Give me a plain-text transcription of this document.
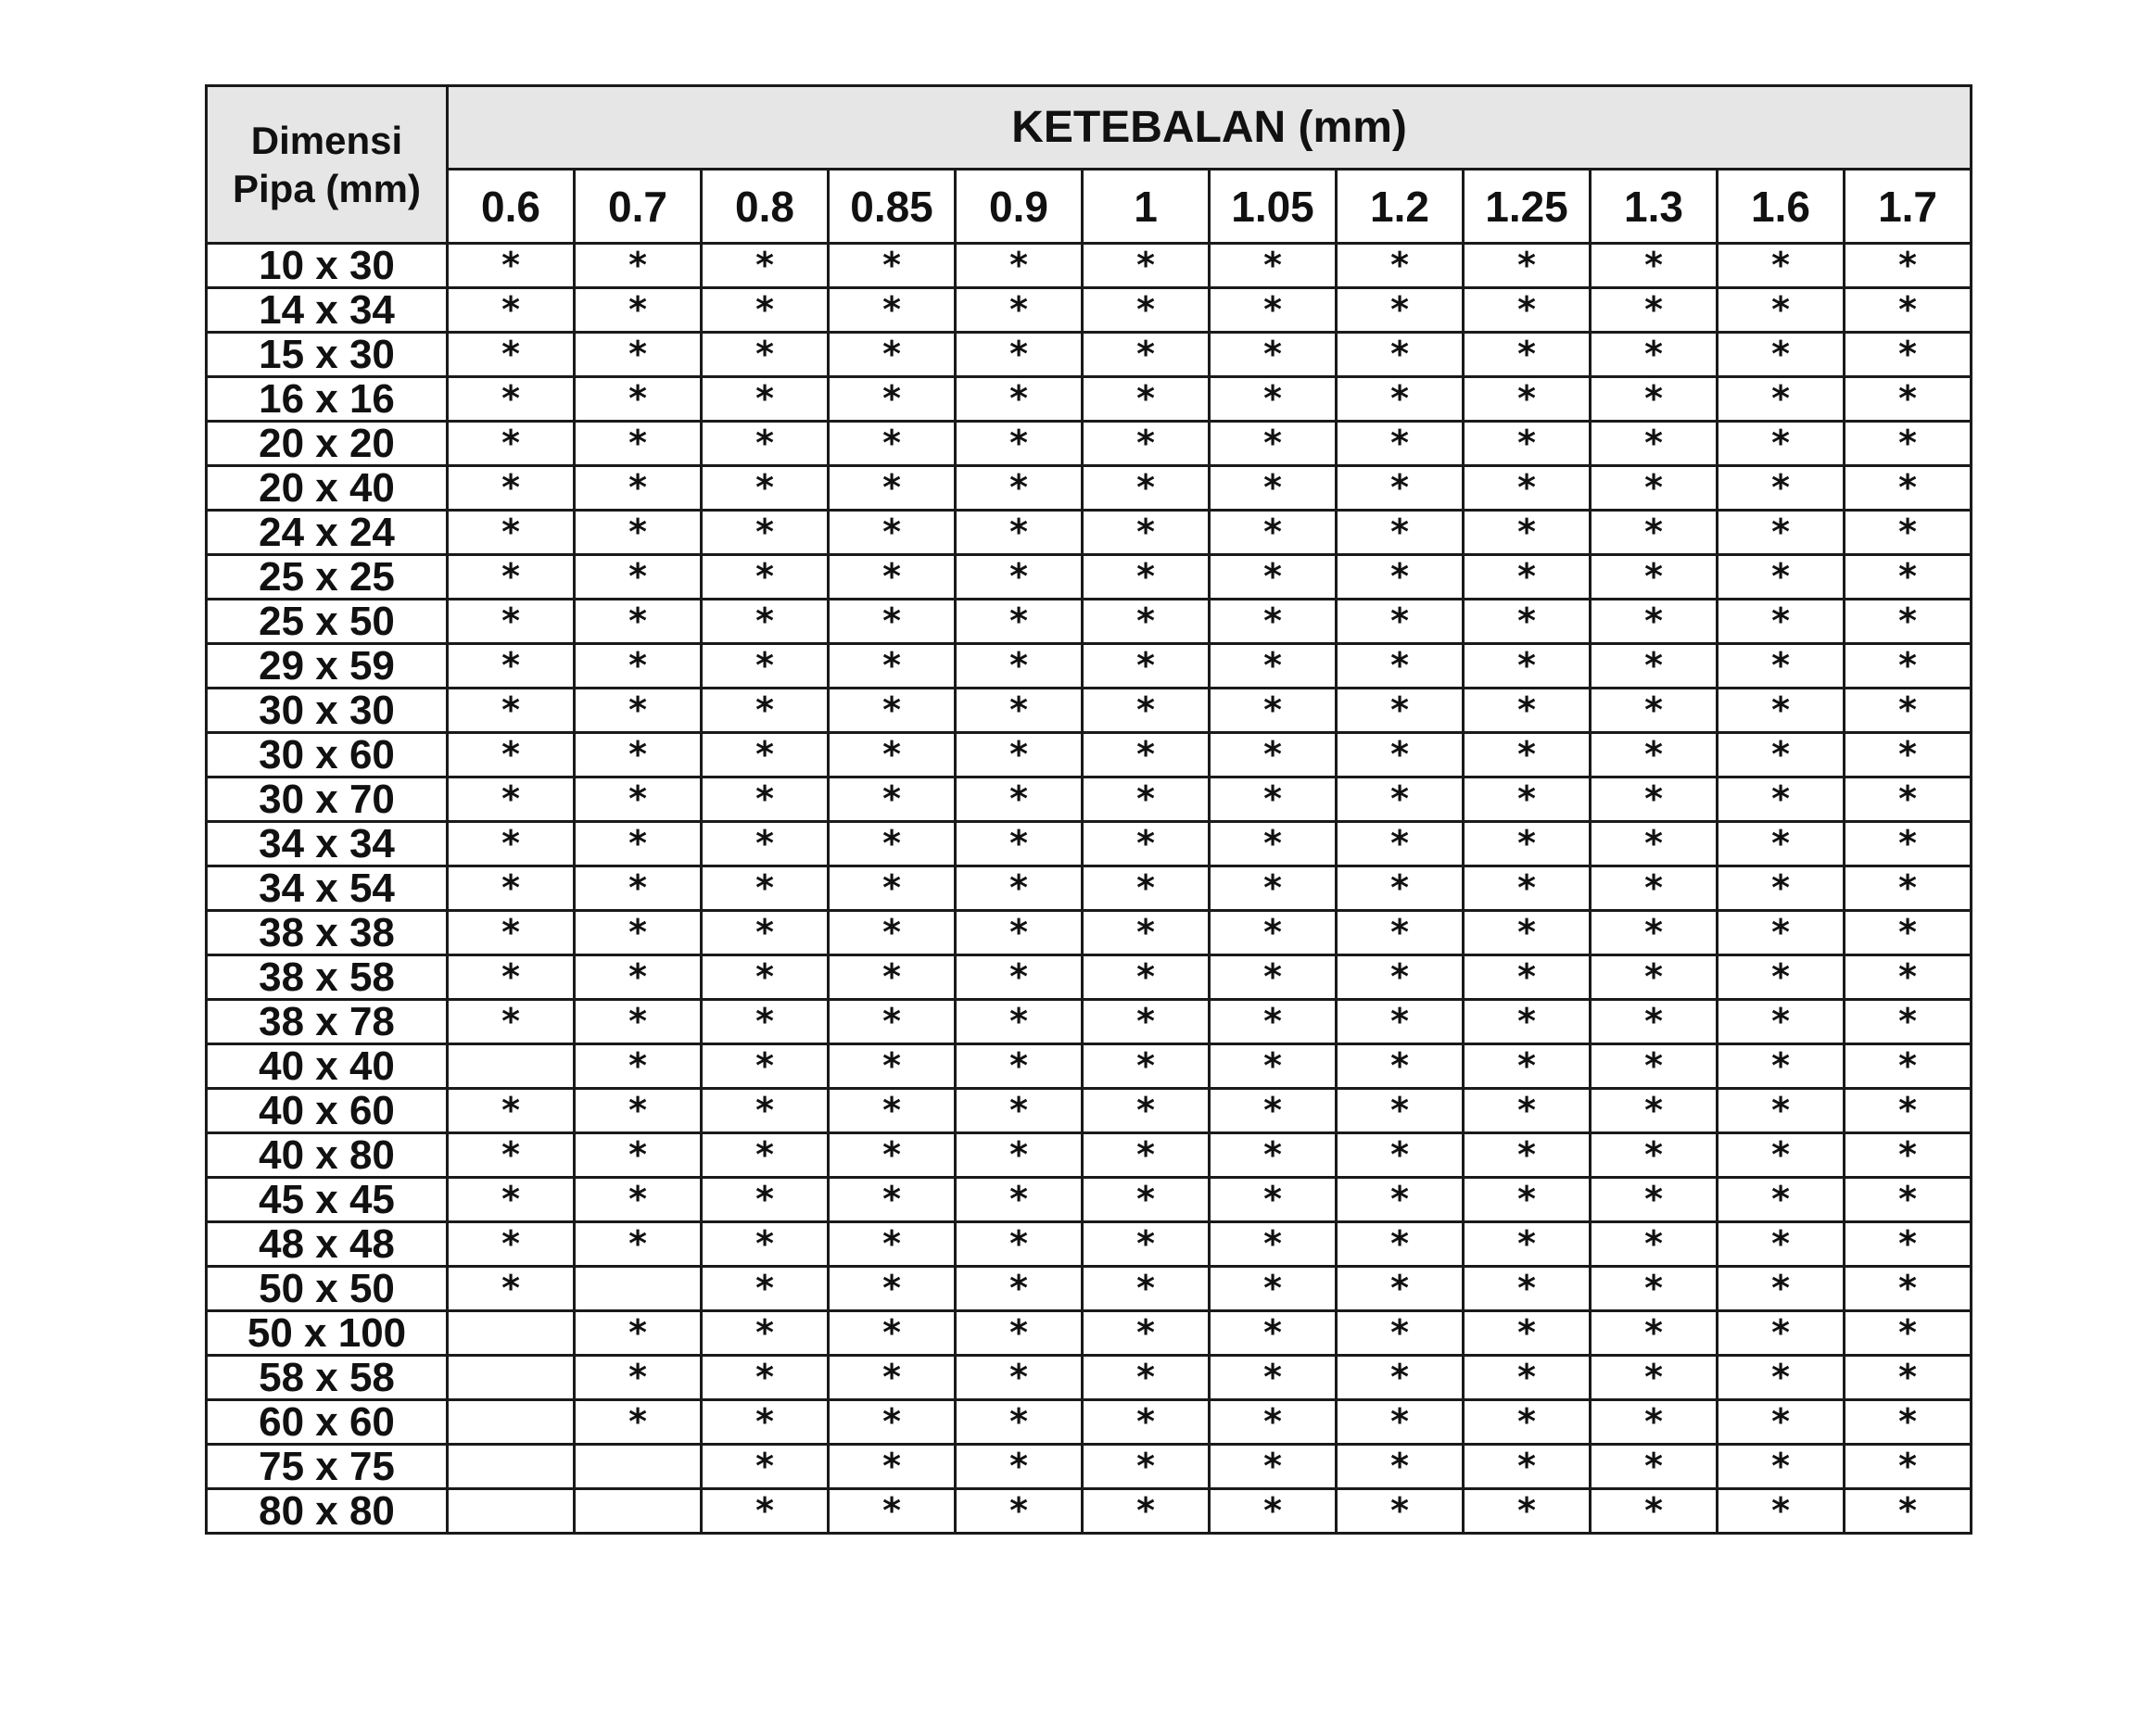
Dimensi Pipa (mm)	KETEBALAN (mm)											
	0.6	0.7	0.8	0.85	0.9	1	1.05	1.2	1.25	1.3	1.6	1.7
10 x 30	*	*	*	*	*	*	*	*	*	*	*	*
14 x 34	*	*	*	*	*	*	*	*	*	*	*	*
15 x 30	*	*	*	*	*	*	*	*	*	*	*	*
16 x 16	*	*	*	*	*	*	*	*	*	*	*	*
20 x 20	*	*	*	*	*	*	*	*	*	*	*	*
20 x 40	*	*	*	*	*	*	*	*	*	*	*	*
24 x 24	*	*	*	*	*	*	*	*	*	*	*	*
25 x 25	*	*	*	*	*	*	*	*	*	*	*	*
25 x 50	*	*	*	*	*	*	*	*	*	*	*	*
29 x 59	*	*	*	*	*	*	*	*	*	*	*	*
30 x 30	*	*	*	*	*	*	*	*	*	*	*	*
30 x 60	*	*	*	*	*	*	*	*	*	*	*	*
30 x 70	*	*	*	*	*	*	*	*	*	*	*	*
34 x 34	*	*	*	*	*	*	*	*	*	*	*	*
34 x 54	*	*	*	*	*	*	*	*	*	*	*	*
38 x 38	*	*	*	*	*	*	*	*	*	*	*	*
38 x 58	*	*	*	*	*	*	*	*	*	*	*	*
38 x 78	*	*	*	*	*	*	*	*	*	*	*	*
40 x 40		*	*	*	*	*	*	*	*	*	*	*
40 x 60	*	*	*	*	*	*	*	*	*	*	*	*
40 x 80	*	*	*	*	*	*	*	*	*	*	*	*
45 x 45	*	*	*	*	*	*	*	*	*	*	*	*
48 x 48	*	*	*	*	*	*	*	*	*	*	*	*
50 x 50	*		*	*	*	*	*	*	*	*	*	*
50 x 100		*	*	*	*	*	*	*	*	*	*	*
58 x 58		*	*	*	*	*	*	*	*	*	*	*
60 x 60		*	*	*	*	*	*	*	*	*	*	*
75 x 75			*	*	*	*	*	*	*	*	*	*
80 x 80			*	*	*	*	*	*	*	*	*	*
